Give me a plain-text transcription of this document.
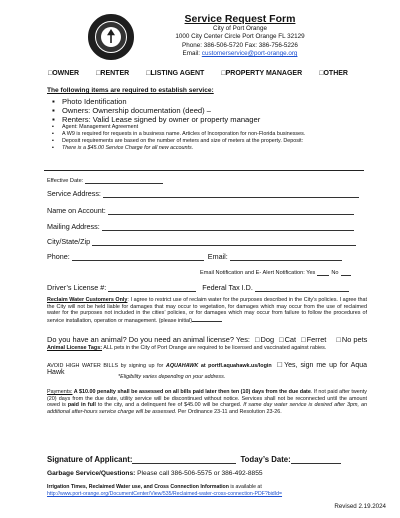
Service Request Form
City of Port Orange
1000 City Center Circle Port Orange FL 32129
Phone: 386-506-5720 Fax: 386-756-5226
Email: customerservice@port-orange.org
□OWNER □RENTER □LISTING AGENT □PROPERTY MANAGER □OTHER
The following items are required to establish service:
▪ Photo Identification
▪ Owners: Ownership documentation (deed) –
▪ Renters: Valid Lease signed by owner or property manager
▪ Agent: Management Agreement
▪ A W9 is required for requests in a business name. Articles of Incorporation for non-Florida businesses.
▪ Deposit requirements are based on the number of meters and size of meters at the property. Deposit:
▪ There is a $45.00 Service Charge for all new accounts.
Effective Date:
Service Address:
Name on Account:
Mailing Address:
City/State/Zip
Phone:	Email:
Email Notification and E- Alert Notification: Yes	No
Driver’s License #:	Federal Tax I.D.
Reclaim Water Customers Only: I agree to restrict use of reclaim water for the purposes described in the City’s policies. I agree that the City will not be held liable for damages that may occur to vegetation, for damages which may occur from the use of reclaimed water for the purposes not included in the cities’ policies, or for damages which may occur from failure to follow the procedures of service installation, operation or management. (please initial)
Do you have an animal? Do you need an animal license? Yes: □ Dog □ Cat □ Ferret □ No pets
Animal License Tags: ALL pets in the City of Port Orange are required to be licensed and vaccinated against rabies.
AVOID HIGH WATER BILLS by signing up for AQUAHAWK at portfl.aquahawk.us/login □ Yes, sign me up for Aqua Hawk
*Eligibility varies depending on your address.
Payments: A $10.00 penalty shall be assessed on all bills paid later then ten (10) days from the due date. If not paid after twenty (20) days from the due date, utility service will be discontinued without notice. Services shall not be reconnected until the amount owed is paid in full to the city, and a delinquent fee of $45.00 will be charged. If same day water service is desired after 3pm, an additional after-hours service charge will be assessed. Per Ordinance 23-11 and Resolution 23-26.
Signature of Applicant:	Today’s Date:
Garbage Service/Questions: Please call 386-506-5575 or 386-492-8855
Irrigation Times, Reclaimed Water use, and Cross Connection Information is available at
http://www.port-orange.org/DocumentCenter/View/535/Reclaimed-water-cross-connection-PDF?bidId=
Revised 2.19.2024
